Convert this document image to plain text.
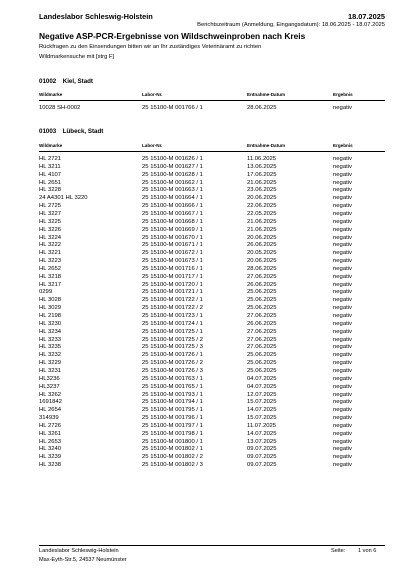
Landeslabor Schleswig-Holstein	18.07.2025
Berichtszeitraum (Anmeldung, Eingangsdatum): 18.06.2025 - 18.07.2025
Negative ASP-PCR-Ergebnisse von Wildschweinproben nach Kreis
Rückfragen zu den Einsendungen bitten wir an Ihr zuständiges Veterinäramt zu richten
Wildmarkensuche mit [strg F]
01002 Kiel, Stadt
Wildmarke	Labor-Nr.	Entnahme-Datum	Ergebnis
10028 SH-0002	25 15100-M 001766 / 1	28.06.2025	negativ
01003 Lübeck, Stadt
Wildmarke	Labor-Nr.	Entnahme-Datum	Ergebnis
HL 2721	25 15100-M 001626 / 1	11.06.2025	negativ
HL 3211	25 15100-M 001627 / 1	13.06.2025	negativ
HL 4107	25 15100-M 001628 / 1	17.06.2025	negativ
HL 2651	25 15100-M 001662 / 1	21.06.2025	negativ
HL 3228	25 15100-M 001663 / 1	23.06.2025	negativ
24 A4301 HL 3220	25 15100-M 001664 / 1	20.06.2025	negativ
HL 2725	25 15100-M 001666 / 1	22.06.2025	negativ
HL 3227	25 15100-M 001667 / 1	22.05.2025	negativ
HL 3225	25 15100-M 001668 / 1	21.06.2025	negativ
HL 3226	25 15100-M 001669 / 1	21.06.2025	negativ
HL 3224	25 15100-M 001670 / 1	20.06.2025	negativ
HL 3222	25 15100-M 001671 / 1	26.06.2025	negativ
HL 3221	25 15100-M 001672 / 1	20.05.2025	negativ
HL 3223	25 15100-M 001673 / 1	20.06.2025	negativ
HL 2652	25 15100-M 001716 / 1	28.06.2025	negativ
HL 3218	25 15100-M 001717 / 1	27.06.2025	negativ
HL 3217	25 15100-M 001720 / 1	26.06.2025	negativ
0299	25 15100-M 001721 / 1	25.06.2025	negativ
HL 3028	25 15100-M 001722 / 1	25.06.2025	negativ
HL 3029	25 15100-M 001722 / 2	25.06.2025	negativ
HL 2198	25 15100-M 001723 / 1	27.06.2025	negativ
HL 3230	25 15100-M 001724 / 1	26.06.2025	negativ
HL 3234	25 15100-M 001725 / 1	27.06.2025	negativ
HL 3233	25 15100-M 001725 / 2	27.06.2025	negativ
HL 3235	25 15100-M 001725 / 3	27.06.2025	negativ
HL 3232	25 15100-M 001726 / 1	25.06.2025	negativ
HL 3229	25 15100-M 001726 / 2	25.06.2025	negativ
HL 3231	25 15100-M 001726 / 3	25.06.2025	negativ
HL3236	25 15100-M 001763 / 1	04.07.2025	negativ
HL3237	25 15100-M 001765 / 1	04.07.2025	negativ
HL 3262	25 15100-M 001793 / 1	12.07.2025	negativ
1691842	25 15100-M 001794 / 1	15.07.2025	negativ
HL 2654	25 15100-M 001795 / 1	14.07.2025	negativ
314939	25 15100-M 001796 / 1	15.07.2025	negativ
HL 2726	25 15100-M 001797 / 1	11.07.2025	negativ
HL 3261	25 15100-M 001798 / 1	14.07.2025	negativ
HL 2653	25 15100-M 001800 / 1	13.07.2025	negativ
HL 3240	25 15100-M 001802 / 1	09.07.2025	negativ
HL 3239	25 15100-M 001802 / 2	09.07.2025	negativ
HL 3238	25 15100-M 001802 / 3	09.07.2025	negativ
Landeslabor Schleswig-Holstein
Max-Eyth-Str.5, 24537 Neumünster
Seite: 1 von 6
